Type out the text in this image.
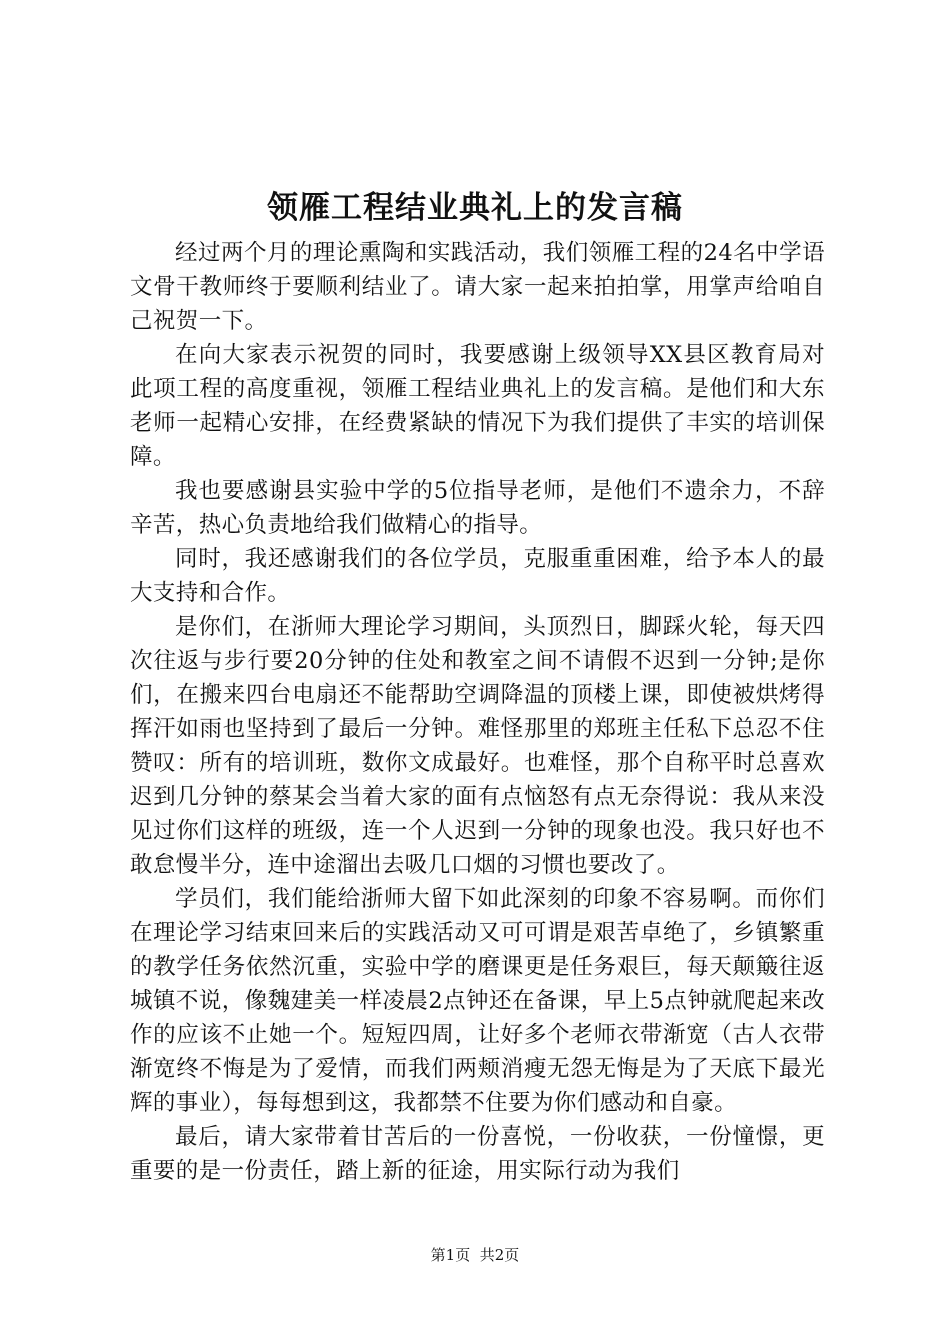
领雁工程结业典礼上的发言稿

经过两个月的理论熏陶和实践活动，我们领雁工程的24名中学语文骨干教师终于要顺利结业了。请大家一起来拍拍掌，用掌声给咱自己祝贺一下。

在向大家表示祝贺的同时，我要感谢上级领导XX县区教育局对此项工程的高度重视，领雁工程结业典礼上的发言稿。是他们和大东老师一起精心安排，在经费紧缺的情况下为我们提供了丰实的培训保障。

我也要感谢县实验中学的5位指导老师，是他们不遗余力，不辞辛苦，热心负责地给我们做精心的指导。

同时，我还感谢我们的各位学员，克服重重困难，给予本人的最大支持和合作。

是你们，在浙师大理论学习期间，头顶烈日，脚踩火轮，每天四次往返与步行要20分钟的住处和教室之间不请假不迟到一分钟;是你们，在搬来四台电扇还不能帮助空调降温的顶楼上课，即使被烘烤得挥汗如雨也坚持到了最后一分钟。难怪那里的郑班主任私下总忍不住赞叹：所有的培训班，数你文成最好。也难怪，那个自称平时总喜欢迟到几分钟的蔡某会当着大家的面有点恼怒有点无奈得说：我从来没见过你们这样的班级，连一个人迟到一分钟的现象也没。我只好也不敢怠慢半分，连中途溜出去吸几口烟的习惯也要改了。

学员们，我们能给浙师大留下如此深刻的印象不容易啊。而你们在理论学习结束回来后的实践活动又可可谓是艰苦卓绝了，乡镇繁重的教学任务依然沉重，实验中学的磨课更是任务艰巨，每天颠簸往返城镇不说，像魏建美一样凌晨2点钟还在备课，早上5点钟就爬起来改作的应该不止她一个。短短四周，让好多个老师衣带渐宽（古人衣带渐宽终不悔是为了爱情，而我们两颊消瘦无怨无悔是为了天底下最光辉的事业），每每想到这，我都禁不住要为你们感动和自豪。

最后，请大家带着甘苦后的一份喜悦，一份收获，一份憧憬，更重要的是一份责任，踏上新的征途，用实际行动为我们

第1页 共2页
